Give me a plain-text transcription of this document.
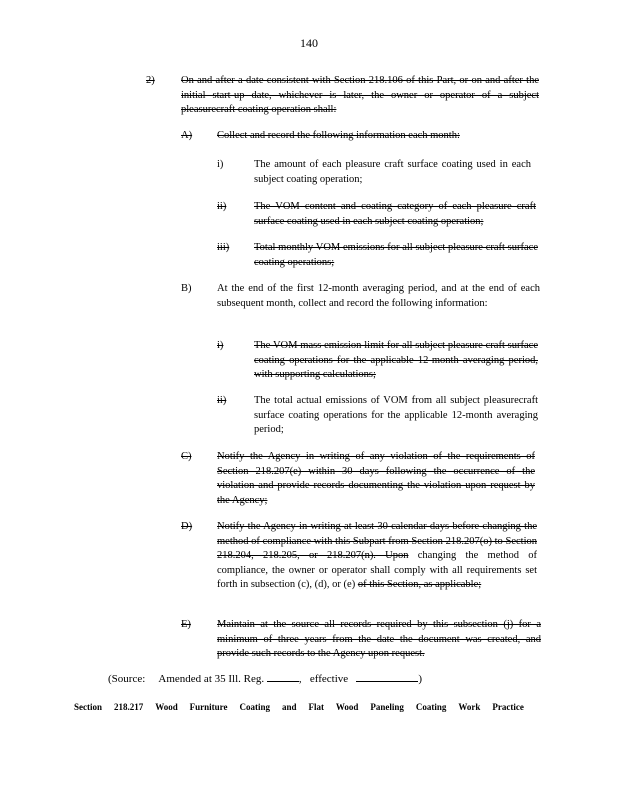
140
2)	On and after a date consistent with Section 218.106 of this Part, or on and after the initial start-up date, whichever is later, the owner or operator of a subject pleasurecraft coating operation shall:
A) Collect and record the following information each month:
i)	The amount of each pleasure craft surface coating used in each subject coating operation;
ii)	The VOM content and coating category of each pleasure craft surface coating used in each subject coating operation;
iii) Total monthly VOM emissions for all subject pleasure craft surface coating operations;
B) At the end of the first 12-month averaging period, and at the end of each subsequent month, collect and record the following information:
i)	The VOM mass emission limit for all subject pleasure craft surface coating operations for the applicable 12-month averaging period, with supporting calculations;
ii)	The total actual emissions of VOM from all subject pleasurecraft surface coating operations for the applicable 12-month averaging period;
C) Notify the Agency in writing of any violation of the requirements of Section 218.207(e) within 30 days following the occurrence of the violation and provide records documenting the violation upon request by the Agency;
D) Notify the Agency in writing at least 30 calendar days before changing the method of compliance with this Subpart from Section 218.207(o) to Section 218.204, 218.205, or 218.207(n). Upon changing the method of compliance, the owner or operator shall comply with all requirements set forth in subsection (c), (d), or (e) of this Section, as applicable;
E) Maintain at the source all records required by this subsection (j) for a minimum of three years from the date the document was created, and provide such records to the Agency upon request.
(Source: Amended at 35 Ill. Reg.	,   effective	)
Section 218.217 Wood Furniture Coating and Flat Wood Paneling Coating Work Practice
